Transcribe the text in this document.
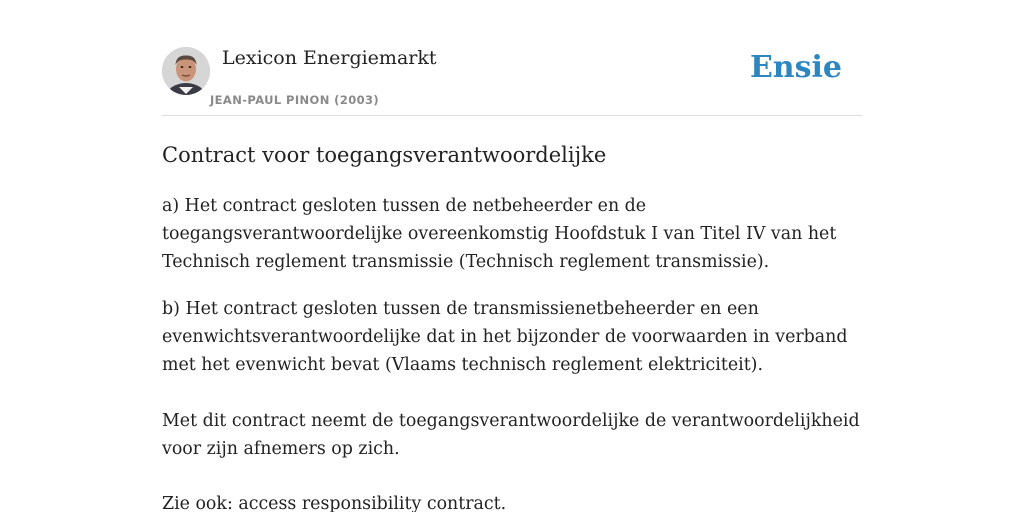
Lexicon Energiemarkt
JEAN-PAUL PINON (2003)
Ensie
Contract voor toegangsverantwoordelijke

a) Het contract gesloten tussen de netbeheerder en de toegangsverantwoordelijke overeenkomstig Hoofdstuk I van Titel IV van het Technisch reglement transmissie (Technisch reglement transmissie).

b) Het contract gesloten tussen de transmissienetbeheerder en een evenwichtsverantwoordelijke dat in het bijzonder de voorwaarden in verband met het evenwicht bevat (Vlaams technisch reglement elektriciteit).

Met dit contract neemt de toegangsverantwoordelijke de verantwoordelijkheid voor zijn afnemers op zich.

Zie ook: access responsibility contract.
